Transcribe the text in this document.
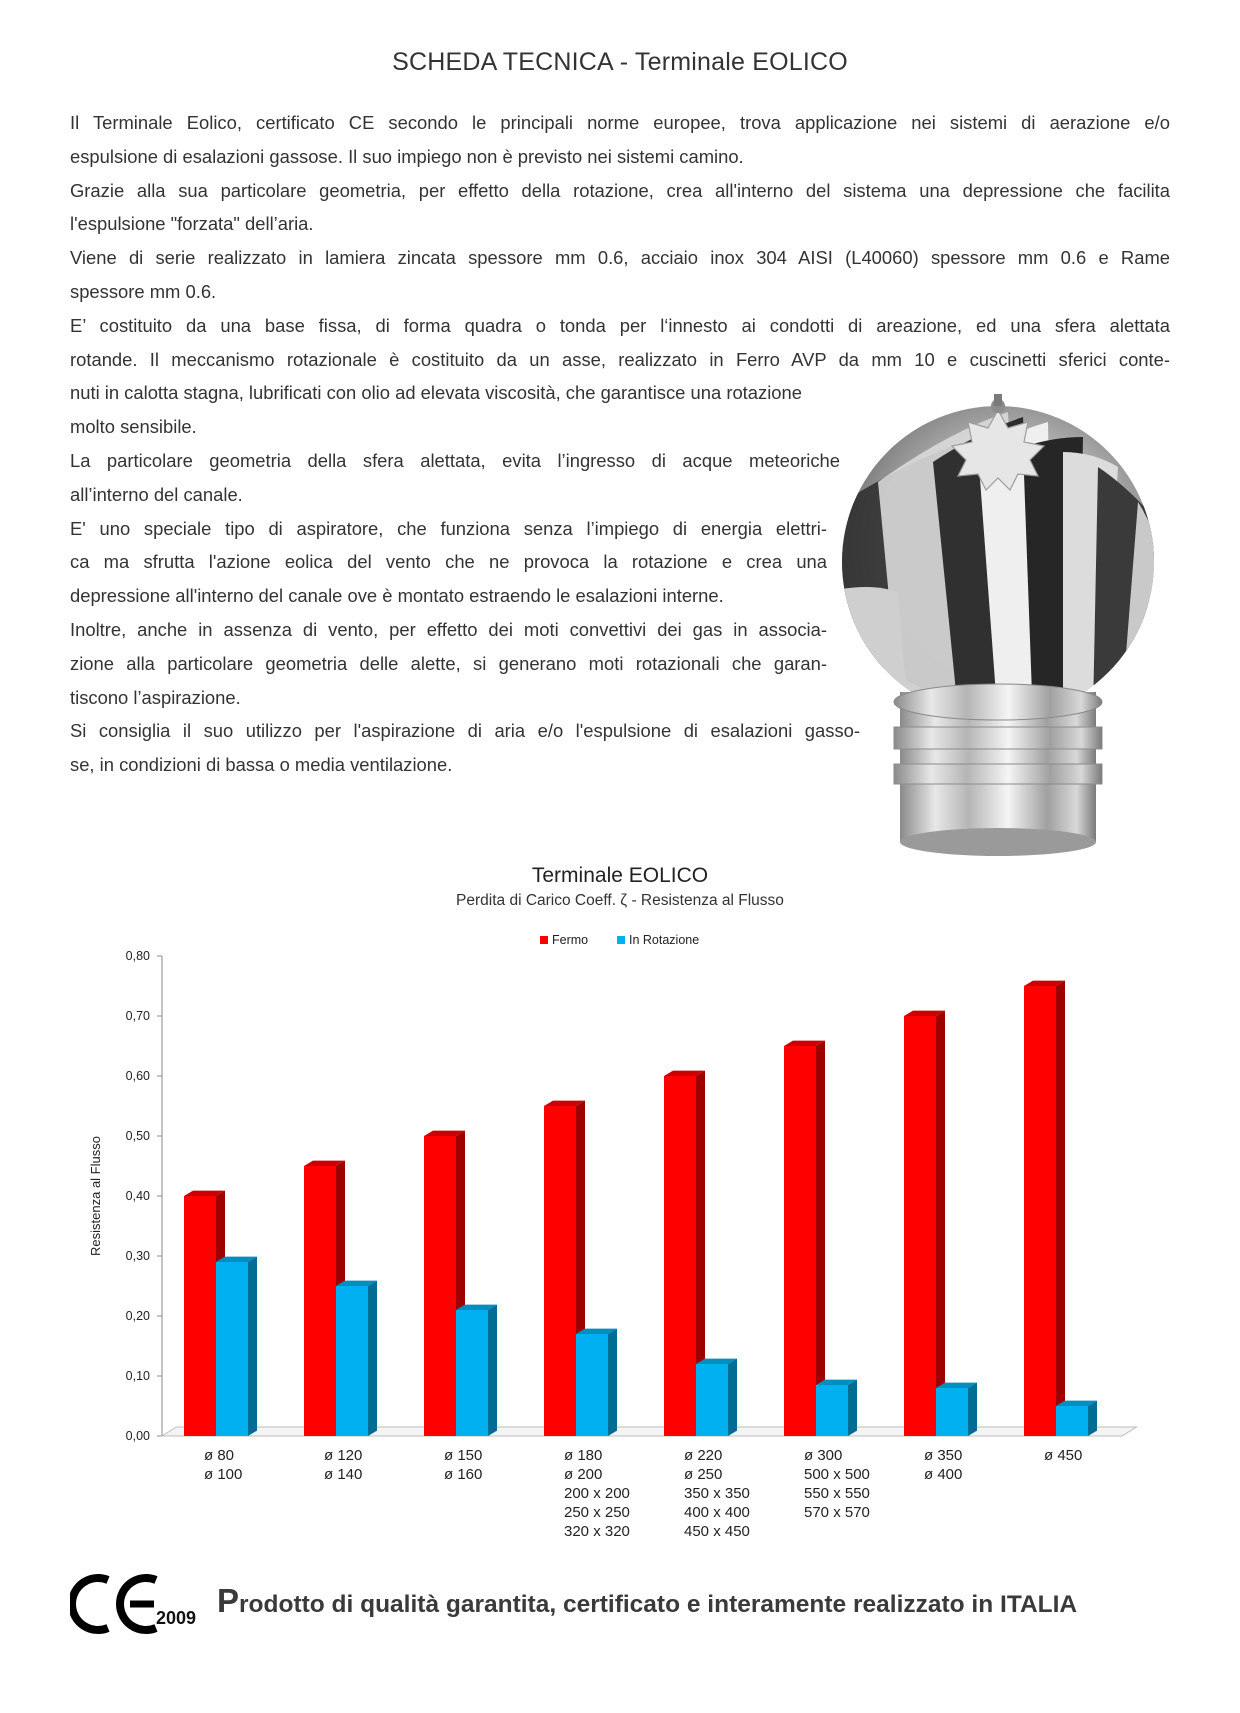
SCHEDA TECNICA - Terminale EOLICO
Il Terminale Eolico, certificato CE secondo le principali norme europee, trova applicazione nei sistemi di aerazione e/o
espulsione di esalazioni gassose. Il suo impiego non è previsto nei sistemi camino.
Grazie alla sua particolare geometria, per effetto della rotazione, crea all'interno del sistema una depressione che facilita
l'espulsione "forzata" dell’aria.
Viene di serie realizzato in lamiera zincata spessore mm 0.6, acciaio inox 304 AISI (L40060) spessore mm 0.6 e Rame
spessore mm 0.6.
E’ costituito da una base fissa, di forma quadra o tonda per l‘innesto ai condotti di areazione, ed una sfera alettata
rotande. Il meccanismo rotazionale è costituito da un asse, realizzato in Ferro AVP da mm 10 e cuscinetti sferici conte-
nuti in calotta stagna, lubrificati con olio ad elevata viscosità, che garantisce una rotazione
molto sensibile.
La particolare geometria della sfera alettata, evita l’ingresso di acque meteoriche
all’interno del canale.
E' uno speciale tipo di aspiratore, che funziona senza l’impiego di energia elettri-
ca ma sfrutta l'azione eolica del vento che ne provoca la rotazione e crea una
depressione all'interno del canale ove è montato estraendo le esalazioni interne.
Inoltre, anche in assenza di vento, per effetto dei moti convettivi dei gas in associa-
zione alla particolare geometria delle alette, si generano moti rotazionali che garan-
tiscono l’aspirazione.
Si consiglia il suo utilizzo per l'aspirazione di aria e/o l'espulsione di esalazioni gasso-
se, in condizioni di bassa o media ventilazione.
Terminale EOLICO
Perdita di Carico Coeff. ζ - Resistenza al Flusso
0,00
0,10
0,20
0,30
0,40
0,50
0,60
0,70
0,80
Resistenza al Flusso
ø 80
ø 100
ø 120
ø 140
ø 150
ø 160
ø 180
ø 200
200 x 200
250 x 250
320 x 320
ø 220
ø 250
350 x 350
400 x 400
450 x 450
ø 300
500 x 500
550 x 550
570 x 570
ø 350
ø 400
ø 450
Fermo	In Rotazione
2009 Prodotto di qualità garantita, certificato e interamente realizzato in ITALIA
